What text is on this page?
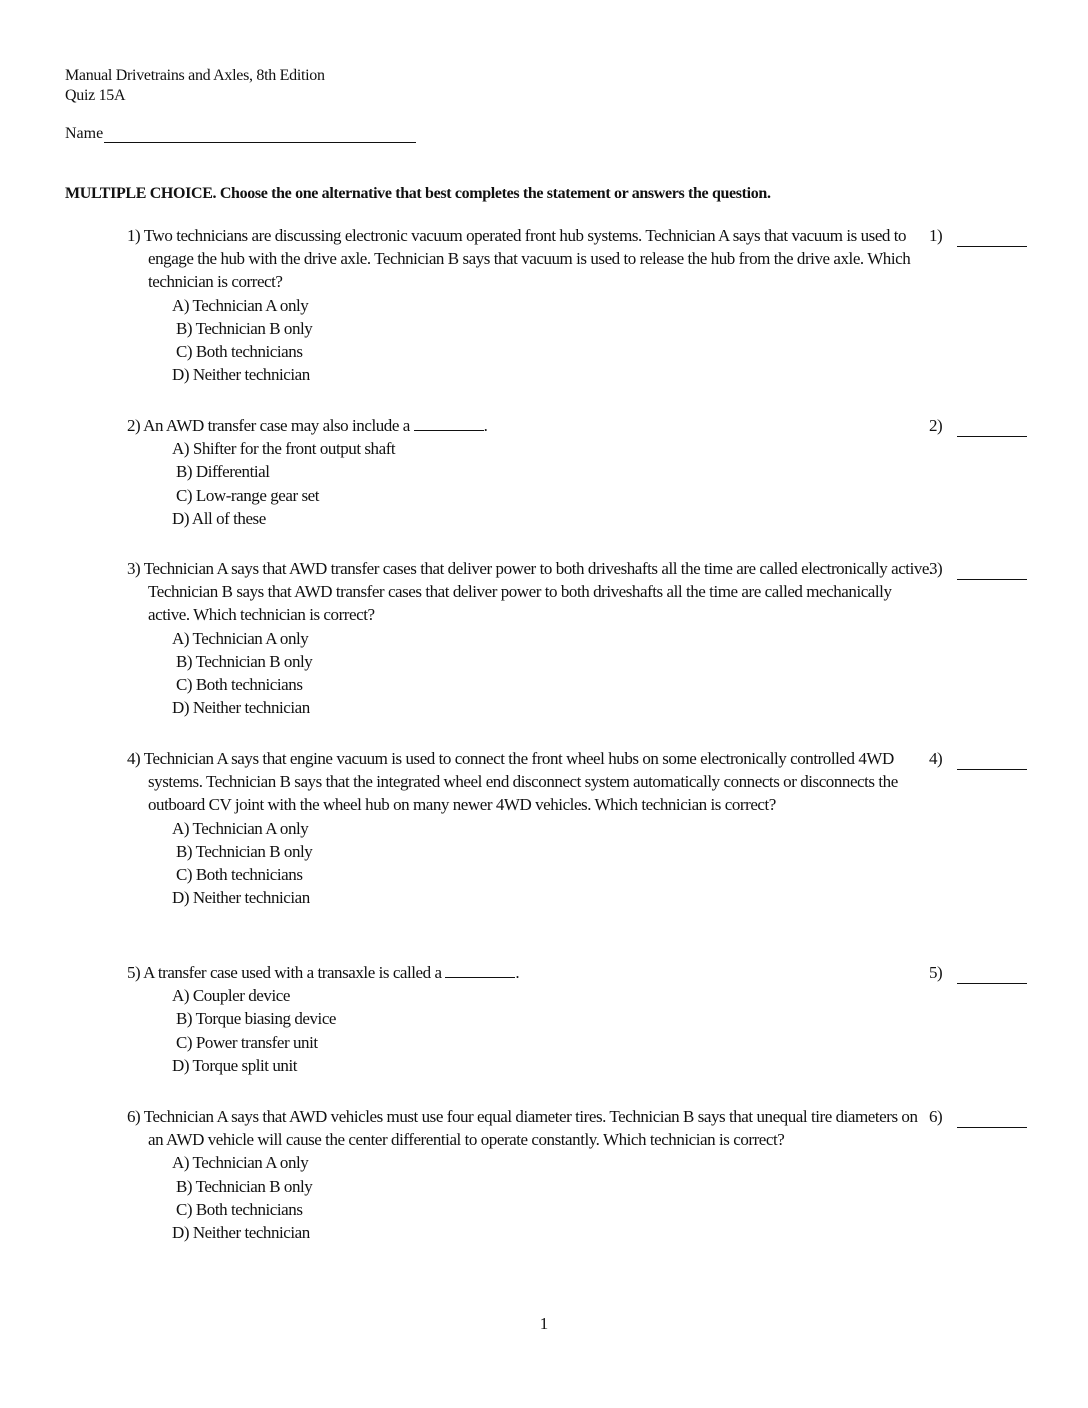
Manual Drivetrains and Axles, 8th Edition
Quiz 15A
Name
MULTIPLE CHOICE. Choose the one alternative that best completes the statement or answers the question.
1) Two technicians are discussing electronic vacuum operated front hub systems. Technician A says that vacuum is used to engage the hub with the drive axle. Technician B says that vacuum is used to release the hub from the drive axle. Which technician is correct?
A) Technician A only
B) Technician B only
C) Both technicians
D) Neither technician
1)
2) An AWD transfer case may also include a	.
A) Shifter for the front output shaft
B) Differential
C) Low-range gear set
D) All of these
2)
3) Technician A says that AWD transfer cases that deliver power to both driveshafts all the time are called electronically active. Technician B says that AWD transfer cases that deliver power to both driveshafts all the time are called mechanically active. Which technician is correct?
A) Technician A only
B) Technician B only
C) Both technicians
D) Neither technician
3)
4) Technician A says that engine vacuum is used to connect the front wheel hubs on some electronically controlled 4WD systems. Technician B says that the integrated wheel end disconnect system automatically connects or disconnects the outboard CV joint with the wheel hub on many newer 4WD vehicles. Which technician is correct?
A) Technician A only
B) Technician B only
C) Both technicians
D) Neither technician
4)
5) A transfer case used with a transaxle is called a	.
A) Coupler device
B) Torque biasing device
C) Power transfer unit
D) Torque split unit
5)
6) Technician A says that AWD vehicles must use four equal diameter tires. Technician B says that unequal tire diameters on an AWD vehicle will cause the center differential to operate constantly. Which technician is correct?
A) Technician A only
B) Technician B only
C) Both technicians
D) Neither technician
6)
1
